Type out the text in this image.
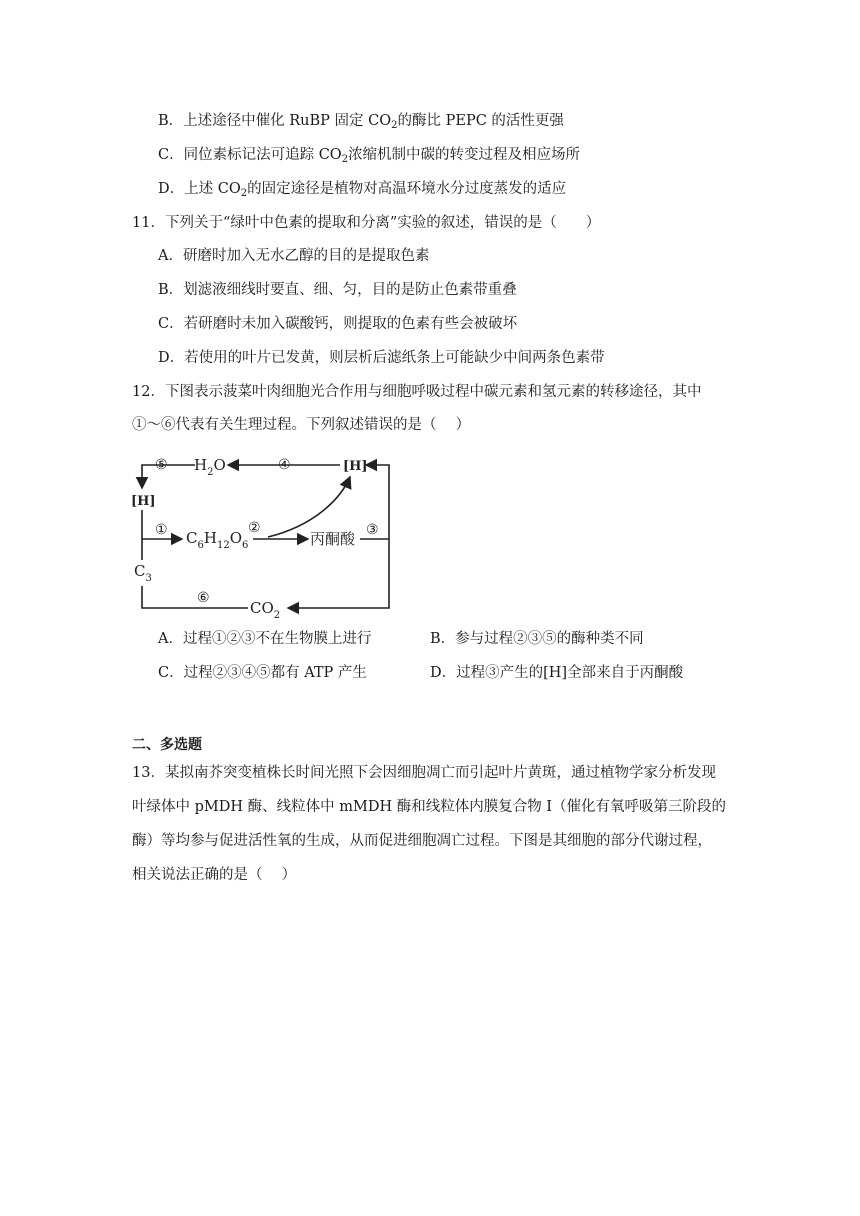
B．上述途径中催化 RuBP 固定 $CO_2$的酶比 PEPC 的活性更强
C．同位素标记法可追踪 $CO_2$浓缩机制中碳的转变过程及相应场所
D．上述 $CO_2$的固定途径是植物对高温环境水分过度蒸发的适应
11．下列关于“绿叶中色素的提取和分离”实验的叙述，错误的是（　　）
A．研磨时加入无水乙醇的目的是提取色素
B．划滤液细线时要直、细、匀，目的是防止色素带重叠
C．若研磨时未加入碳酸钙，则提取的色素有些会被破坏
D．若使用的叶片已发黄，则层析后滤纸条上可能缺少中间两条色素带
12．下图表示菠菜叶肉细胞光合作用与细胞呼吸过程中碳元素和氢元素的转移途径，其中
①～⑥代表有关生理过程。下列叙述错误的是（　 ）
⑤ $H_2O$	④	[H]
[H]
① $C_6H_{12}O_6$
②
丙酮酸 ③
$C_3$
⑥
$CO_2$
A．过程①②③不在生物膜上进行	B．参与过程②③⑤的酶种类不同
C．过程②③④⑤都有 ATP 产生	D．过程③产生的[H]全部来自于丙酮酸
二、多选题
13．某拟南芥突变植株长时间光照下会因细胞凋亡而引起叶片黄斑，通过植物学家分析发现
叶绿体中 pMDH 酶、线粒体中 mMDH 酶和线粒体内膜复合物 I（催化有氧呼吸第三阶段的
酶）等均参与促进活性氧的生成，从而促进细胞凋亡过程。下图是其细胞的部分代谢过程，
相关说法正确的是（　 ）
